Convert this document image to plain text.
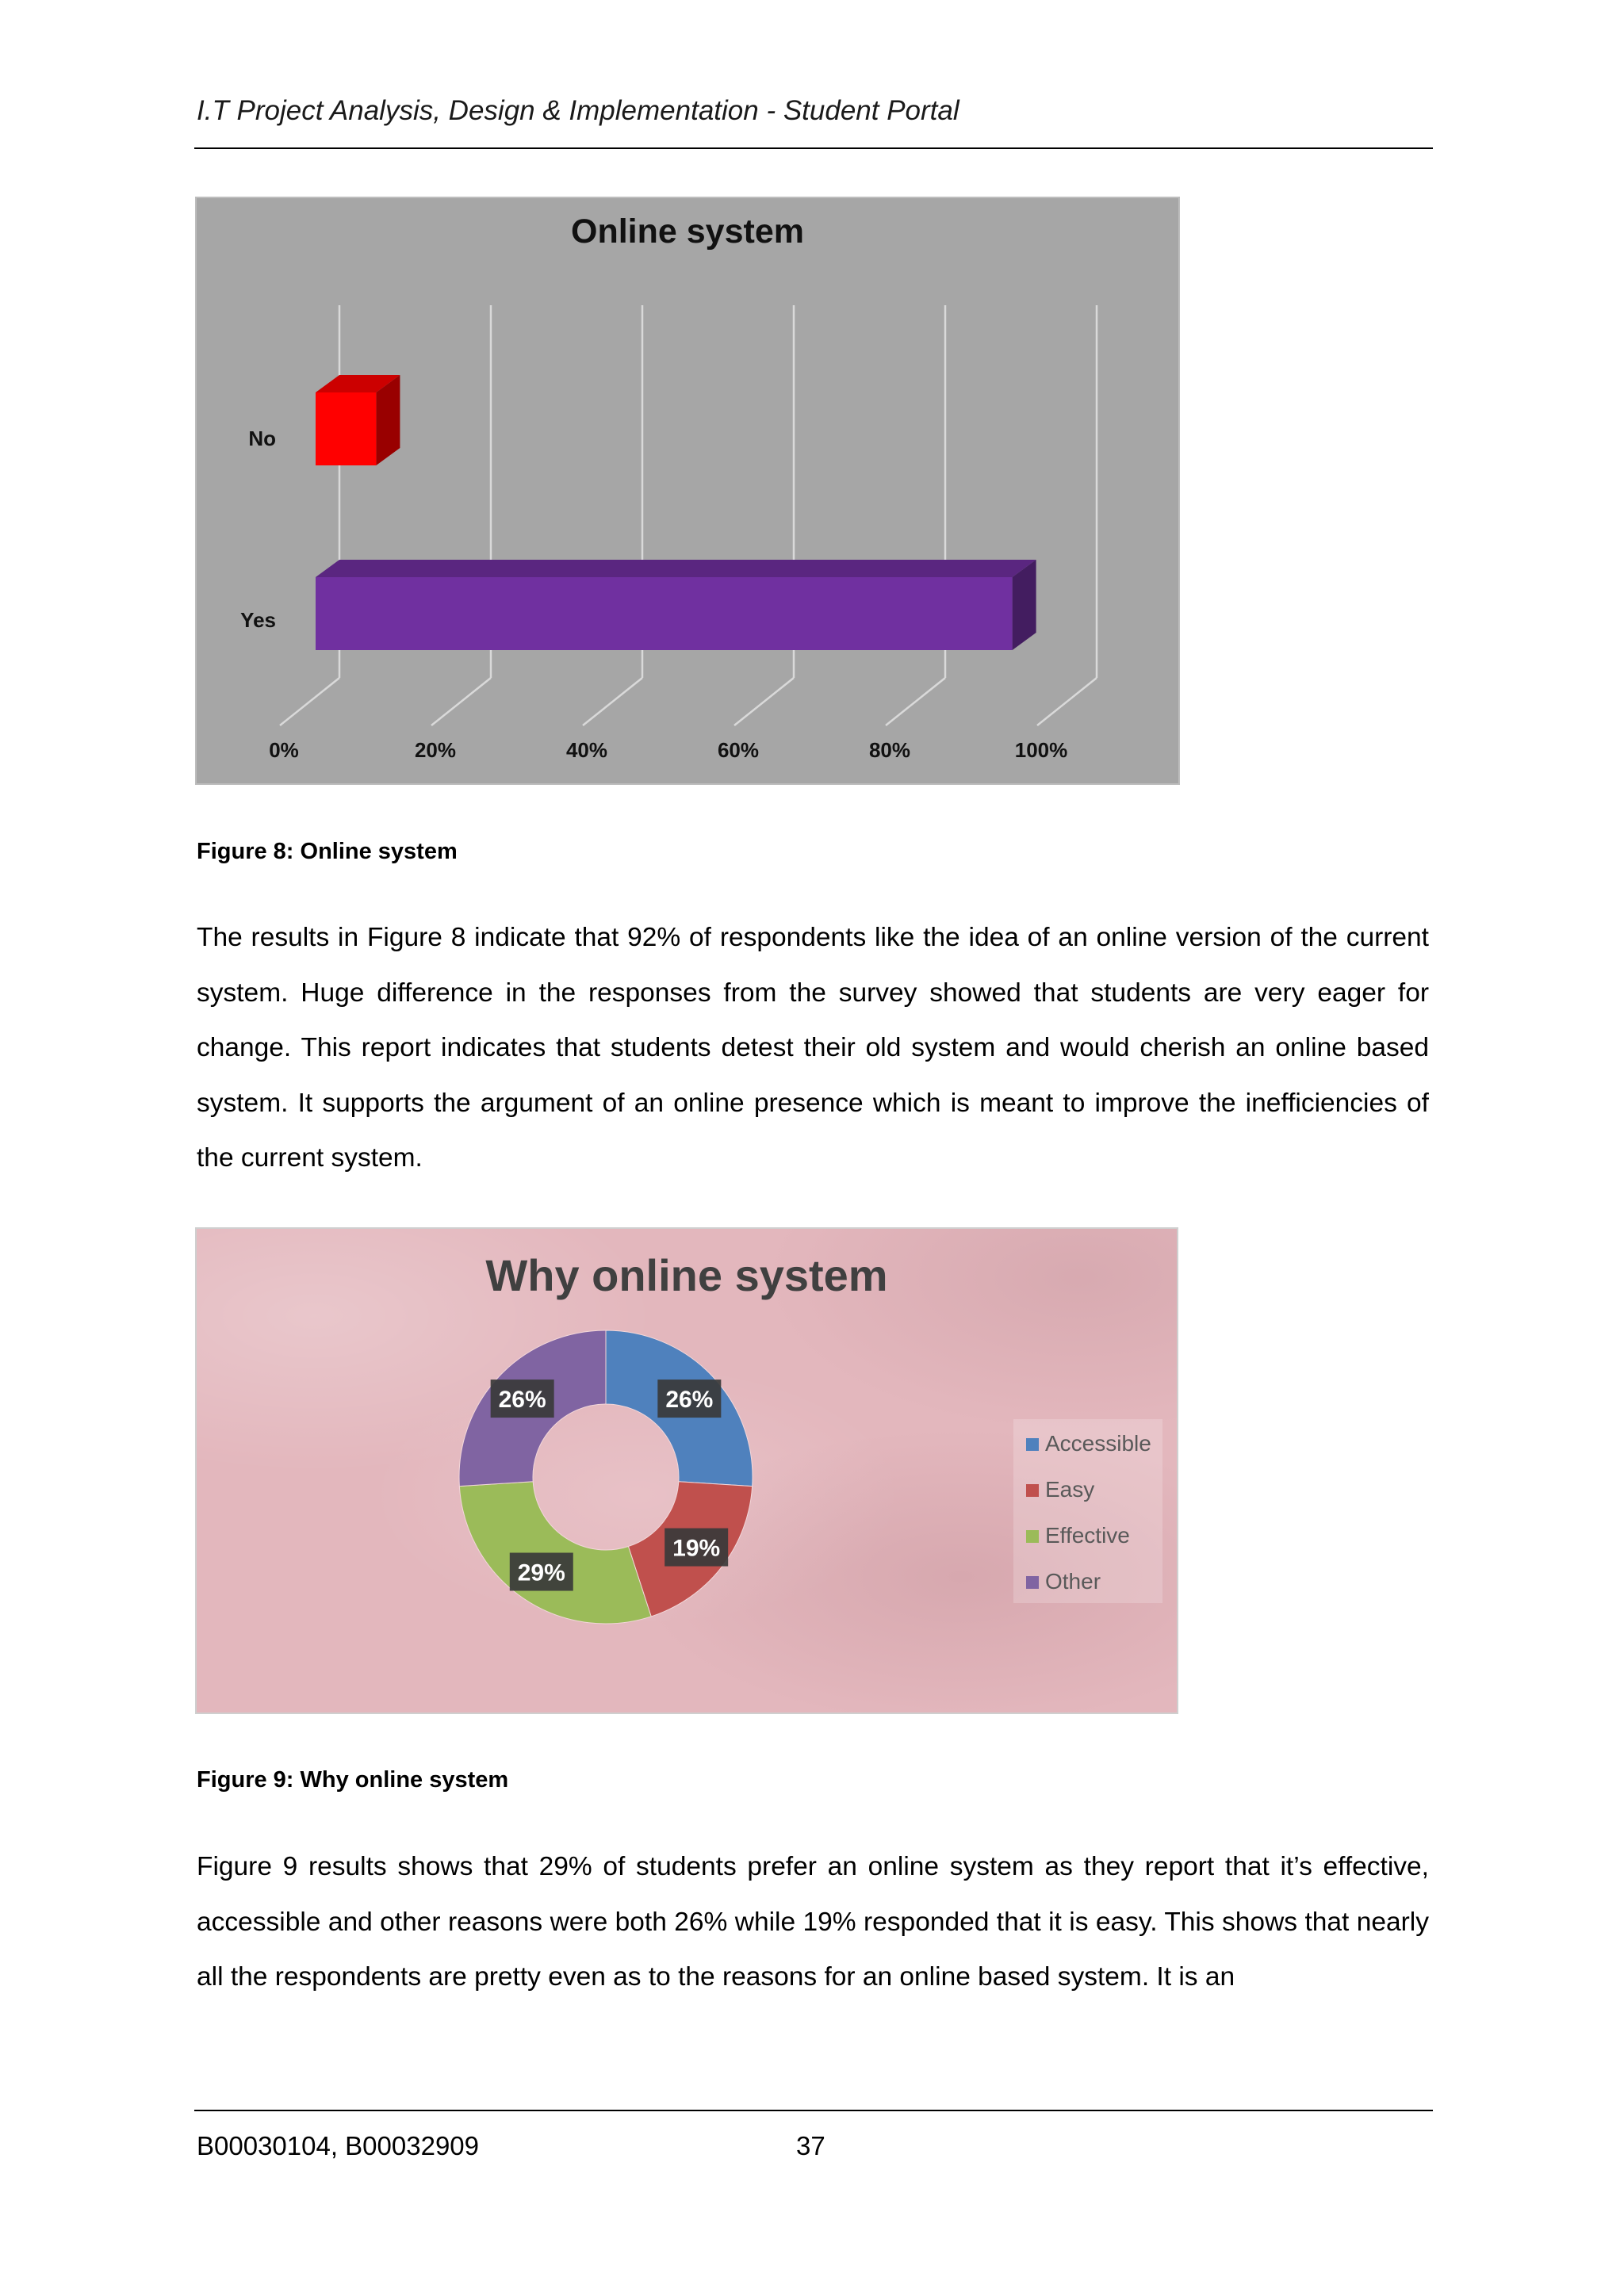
I.T Project Analysis, Design & Implementation - Student Portal
Online system
0%	20%	40%	60%	80%	100%
No
Yes
Figure 8: Online system

The results in Figure 8 indicate that 92% of respondents like the idea of an online version of the current system. Huge difference in the responses from the survey showed that students are very eager for change. This report indicates that students detest their old system and would cherish an online based system. It supports the argument of an online presence which is meant to improve the inefficiencies of the current system.

Why online system
26%
19%
29%
26%
Accessible
Easy
Effective
Other
Figure 9: Why online system

Figure 9 results shows that 29% of students prefer an online system as they report that it’s effective, accessible and other reasons were both 26% while 19% responded that it is easy. This shows that nearly all the respondents are pretty even as to the reasons for an online based system. It is an

B00030104, B00032909	37
